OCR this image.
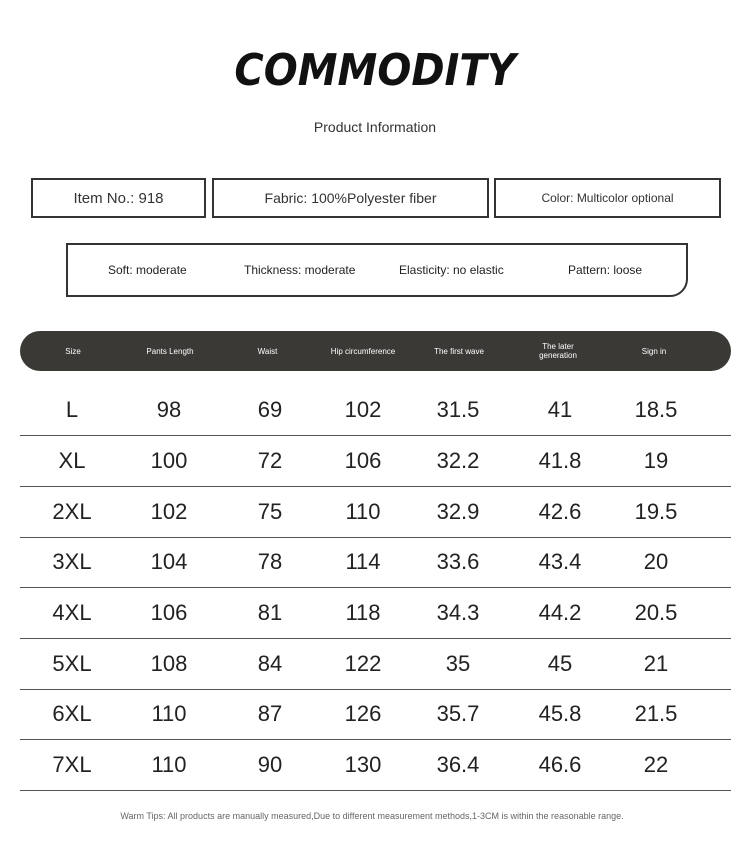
COMMODITY
Product Information
Item No.: 918	Fabric: 100%Polyester fiber	Color: Multicolor optional
Soft: moderate	Thickness: moderate	Elasticity: no elastic	Pattern: loose
Size	Pants Length	Waist	Hip circumference	The first wave	The later generation	Sign in
L	98	69	102	31.5	41	18.5
XL	100	72	106	32.2	41.8	19
2XL	102	75	110	32.9	42.6	19.5
3XL	104	78	114	33.6	43.4	20
4XL	106	81	118	34.3	44.2	20.5
5XL	108	84	122	35	45	21
6XL	110	87	126	35.7	45.8	21.5
7XL	110	90	130	36.4	46.6	22
Warm Tips: All products are manually measured,Due to different measurement methods,1-3CM is within the reasonable range.
